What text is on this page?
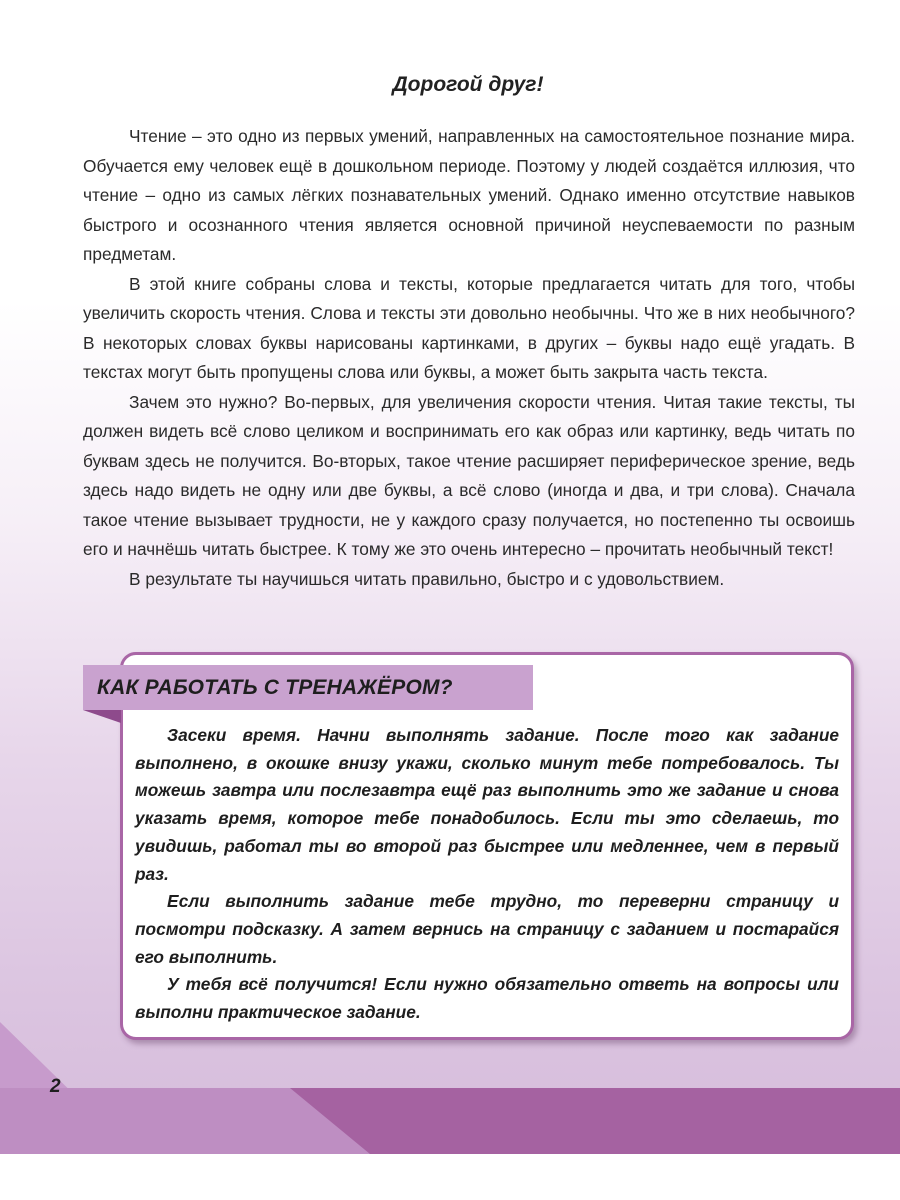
Дорогой друг!

Чтение – это одно из первых умений, направленных на самостоятельное познание мира. Обучается ему человек ещё в дошкольном периоде. Поэтому у людей создаётся иллюзия, что чтение – одно из самых лёгких познавательных умений. Однако именно отсутствие навыков быстрого и осознанного чтения является основной причиной неуспеваемости по разным предметам.

В этой книге собраны слова и тексты, которые предлагается читать для того, чтобы увеличить скорость чтения. Слова и тексты эти довольно необычны. Что же в них необычного? В некоторых словах буквы нарисованы картинками, в других – буквы надо ещё угадать. В текстах могут быть пропущены слова или буквы, а может быть закрыта часть текста.

Зачем это нужно? Во-первых, для увеличения скорости чтения. Читая такие тексты, ты должен видеть всё слово целиком и воспринимать его как образ или картинку, ведь читать по буквам здесь не получится. Во-вторых, такое чтение расширяет периферическое зрение, ведь здесь надо видеть не одну или две буквы, а всё слово (иногда и два, и три слова). Сначала такое чтение вызывает трудности, не у каждого сразу получается, но постепенно ты освоишь его и начнёшь читать быстрее. К тому же это очень интересно – прочитать необычный текст!

В результате ты научишься читать правильно, быстро и с удовольствием.

КАК РАБОТАТЬ С ТРЕНАЖЁРОМ?

Засеки время. Начни выполнять задание. После того как задание выполнено, в окошке внизу укажи, сколько минут тебе потребовалось. Ты можешь завтра или послезавтра ещё раз выполнить это же задание и снова указать время, которое тебе понадобилось. Если ты это сделаешь, то увидишь, работал ты во второй раз быстрее или медленнее, чем в первый раз.

Если выполнить задание тебе трудно, то переверни страницу и посмотри подсказку. А затем вернись на страницу с заданием и постарайся его выполнить.

У тебя всё получится! Если нужно обязательно ответь на вопросы или выполни практическое задание.

2
